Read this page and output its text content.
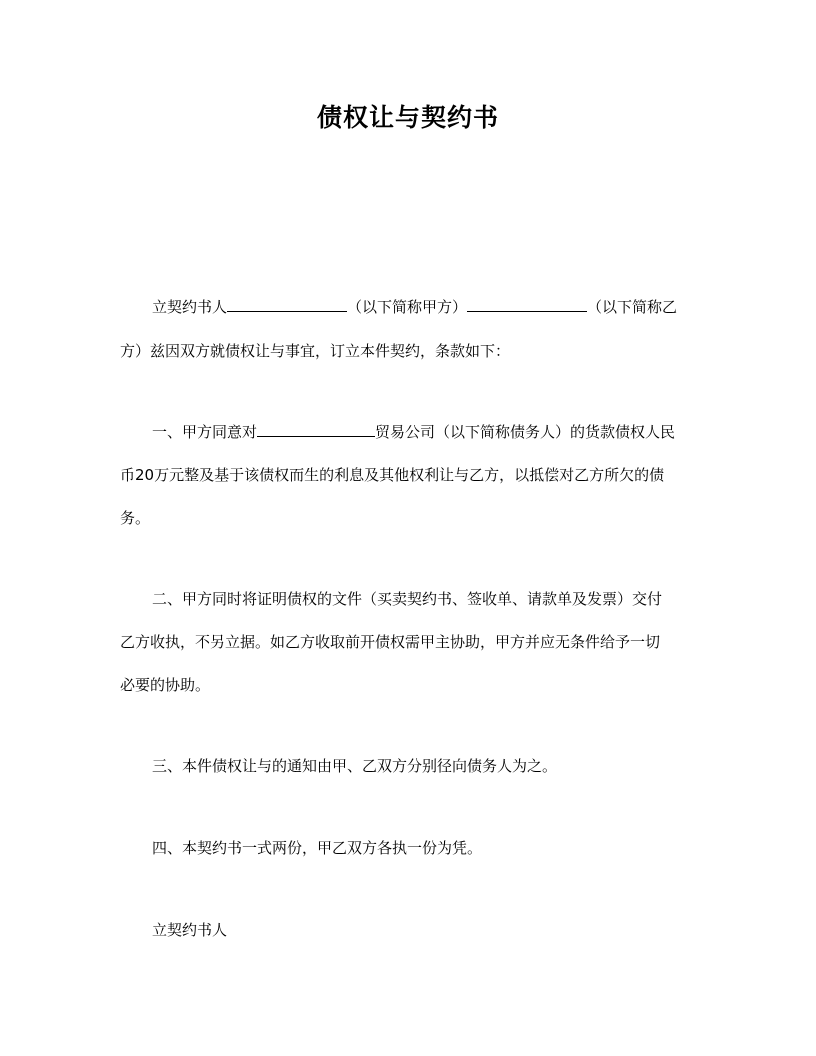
债权让与契约书
立契约书人	（以下简称甲方）	（以下简称乙
方）兹因双方就债权让与事宜，订立本件契约，条款如下：
一、甲方同意对	贸易公司（以下简称债务人）的货款债权人民
币20万元整及基于该债权而生的利息及其他权利让与乙方，以抵偿对乙方所欠的债
务。
二、甲方同时将证明债权的文件（买卖契约书、签收单、请款单及发票）交付
乙方收执，不另立据。如乙方收取前开债权需甲主协助，甲方并应无条件给予一切
必要的协助。
三、本件债权让与的通知由甲、乙双方分别径向债务人为之。
四、本契约书一式两份，甲乙双方各执一份为凭。
立契约书人
